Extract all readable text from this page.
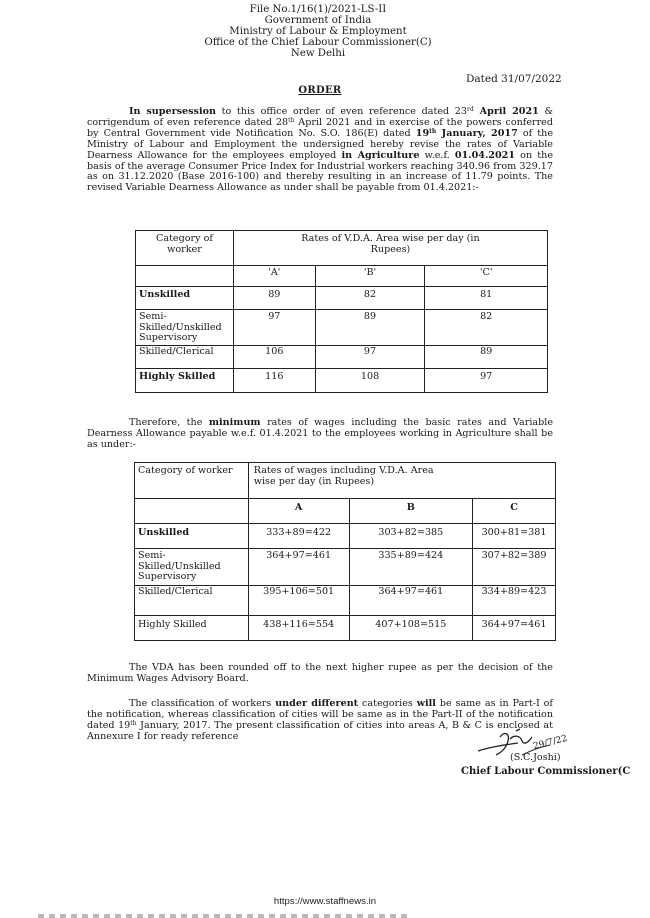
File No.1/16(1)/2021-LS-II
Government of India
Ministry of Labour & Employment
Office of the Chief Labour Commissioner(C)
New Delhi
Dated 31/07/2022
ORDER

In supersession to this office order of even reference dated 23rd April 2021 & corrigendum of even reference dated 28th April 2021 and in exercise of the powers conferred by Central Government vide Notification No. S.O. 186(E) dated 19th January, 2017 of the Ministry of Labour and Employment the undersigned hereby revise the rates of Variable Dearness Allowance for the employees employed in Agriculture w.e.f. 01.04.2021 on the basis of the average Consumer Price Index for Industrial workers reaching 340.96 from 329.17 as on 31.12.2020 (Base 2016-100) and thereby resulting in an increase of 11.79 points. The revised Variable Dearness Allowance as under shall be payable from 01.4.2021:-

Category of worker	Rates of V.D.A. Area wise per day (in Rupees)		
	'A'	'B'	'C'
Unskilled	89	82	81
Semi-Skilled/Unskilled Supervisory	97	89	82
Skilled/Clerical	106	97	89
Highly Skilled	116	108	97

Therefore, the minimum rates of wages including the basic rates and Variable Dearness Allowance payable w.e.f. 01.4.2021 to the employees working in Agriculture shall be as under:-

Category of worker	Rates of wages including V.D.A. Area wise per day (in Rupees)		
	A	B	C
Unskilled	333+89=422	303+82=385	300+81=381
Semi-Skilled/Unskilled Supervisory	364+97=461	335+89=424	307+82=389
Skilled/Clerical	395+106=501	364+97=461	334+89=423
Highly Skilled	438+116=554	407+108=515	364+97=461

The VDA has been rounded off to the next higher rupee as per the decision of the Minimum Wages Advisory Board.

The classification of workers under different categories will be same as in Part-I of the notification, whereas classification of cities will be same as in the Part-II of the notification dated 19th January, 2017. The present classification of cities into areas A, B & C is enclosed at Annexure I for ready reference	29/7/22
(S.C.Joshi)
Chief Labour Commissioner(C
https://www.staffnews.in
